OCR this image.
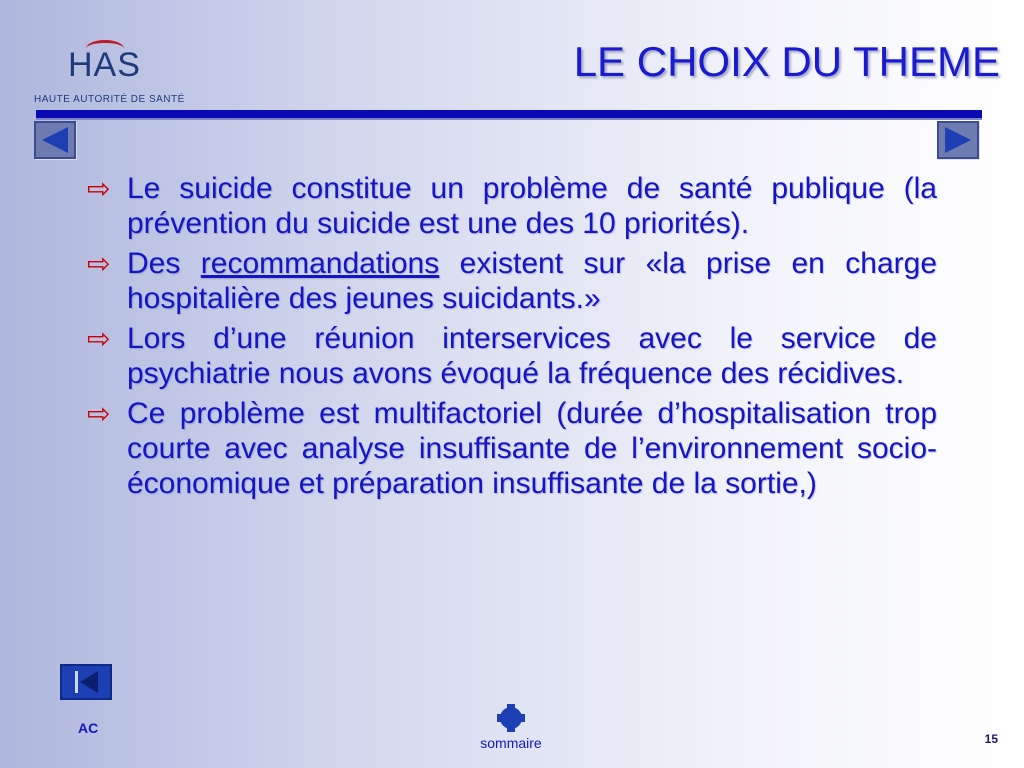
HAS
HAUTE AUTORITÉ DE SANTÉ
LE CHOIX DU THEME
⇨ Le suicide constitue un problème de santé publique (la prévention du suicide est une des 10 priorités).
⇨ Des recommandations existent sur «la prise en charge hospitalière des jeunes suicidants.»
⇨ Lors d’une réunion interservices avec le service de psychiatrie nous avons évoqué la fréquence des récidives.
⇨ Ce problème est multifactoriel (durée d’hospitalisation trop courte avec analyse insuffisante de l’environnement socio-économique et préparation insuffisante de la sortie,)
AC
sommaire	15
